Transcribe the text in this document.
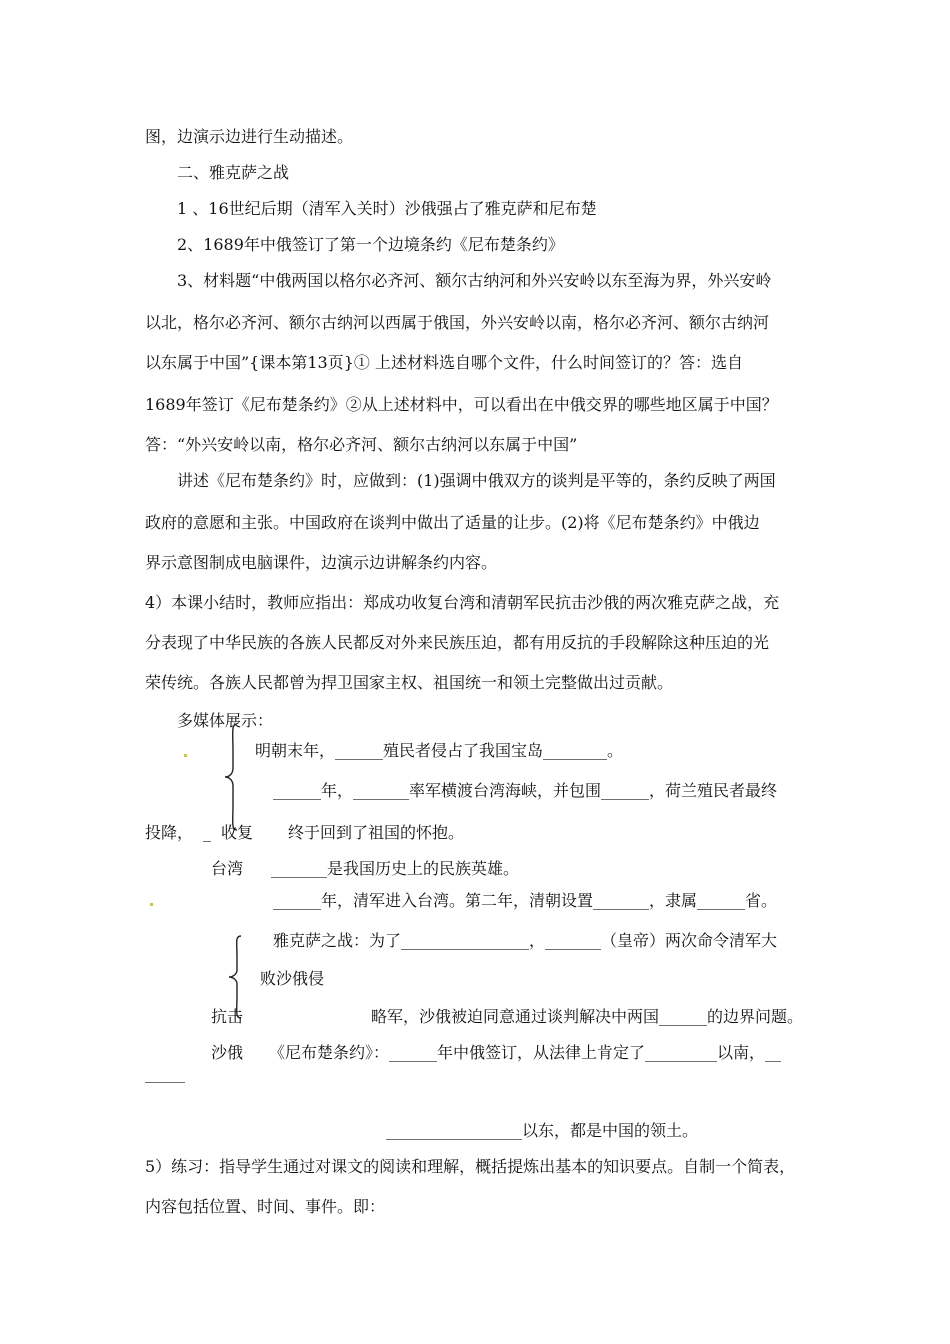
图，边演示边进行生动描述。
二、雅克萨之战
1 、16世纪后期（清军入关时）沙俄强占了雅克萨和尼布楚
2、1689年中俄签订了第一个边境条约《尼布楚条约》
3、材料题“中俄两国以格尔必齐河、额尔古纳河和外兴安岭以东至海为界，外兴安岭
以北，格尔必齐河、额尔古纳河以西属于俄国，外兴安岭以南，格尔必齐河、额尔古纳河
以东属于中国”{课本第13页}① 上述材料选自哪个文件，什么时间签订的？答：选自
1689年签订《尼布楚条约》②从上述材料中，可以看出在中俄交界的哪些地区属于中国？
答：“外兴安岭以南，格尔必齐河、额尔古纳河以东属于中国”
讲述《尼布楚条约》时，应做到：(1)强调中俄双方的谈判是平等的，条约反映了两国
政府的意愿和主张。中国政府在谈判中做出了适量的让步。(2)将《尼布楚条约》中俄边
界示意图制成电脑课件，边演示边讲解条约内容。
4）本课小结时，教师应指出：郑成功收复台湾和清朝军民抗击沙俄的两次雅克萨之战，充
分表现了中华民族的各族人民都反对外来民族压迫，都有用反抗的手段解除这种压迫的光
荣传统。各族人民都曾为捍卫国家主权、祖国统一和领土完整做出过贡献。
多媒体展示：
明朝末年，______殖民者侵占了我国宝岛________。
______年，_______率军横渡台湾海峡，并包围______，荷兰殖民者最终
投降， _ 收复 终于回到了祖国的怀抱。
台湾 _______是我国历史上的民族英雄。
______年，清军进入台湾。第二年，清朝设置_______，隶属______省。
雅克萨之战：为了________________，_______（皇帝）两次命令清军大
败沙俄侵
抗击	略军，沙俄被迫同意通过谈判解决中两国______的边界问题。
沙俄 《尼布楚条约》：______年中俄签订，从法律上肯定了_________以南，__
_____
_________________以东，都是中国的领土。
5）练习：指导学生通过对课文的阅读和理解，概括提炼出基本的知识要点。自制一个简表，
内容包括位置、时间、事件。即：
